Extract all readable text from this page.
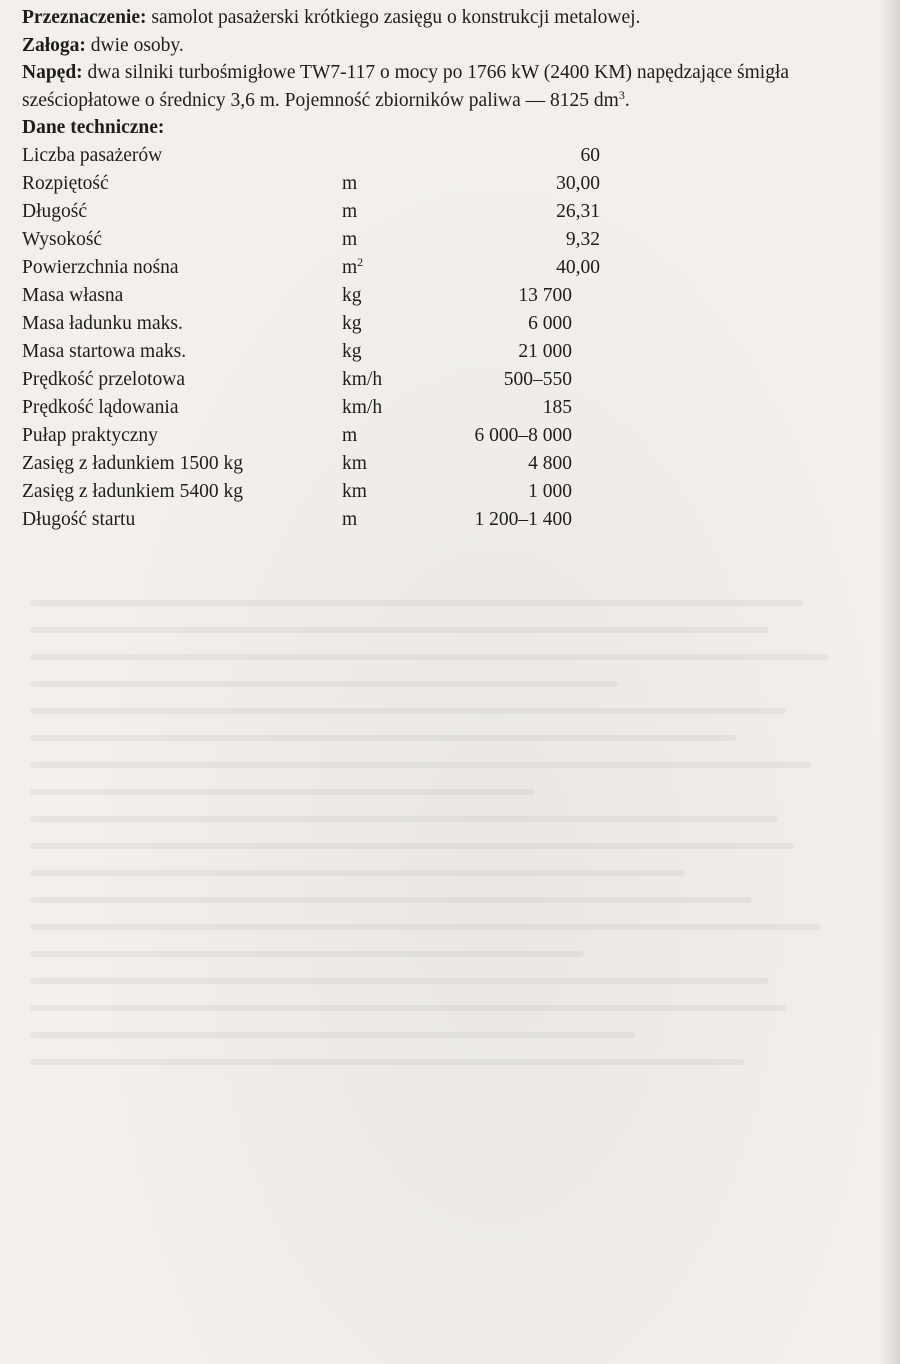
Przeznaczenie: samolot pasażerski krótkiego zasięgu o konstrukcji metalowej.

Załoga: dwie osoby.

Napęd: dwa silniki turbośmigłowe TW7-117 o mocy po 1766 kW (2400 KM) napędzające śmigła

sześciopłatowe o średnicy 3,6 m. Pojemność zbiorników paliwa — 8125 $dm^3$.

Dane techniczne:

Liczba pasażerów		60
Rozpiętość	m	30,00
Długość	m	26,31
Wysokość	m	9,32
Powierzchnia nośna	$m^2$	40,00
Masa własna	kg	13 700
Masa ładunku maks.	kg	6 000
Masa startowa maks.	kg	21 000
Prędkość przelotowa	km/h	500–550
Prędkość lądowania	km/h	185
Pułap praktyczny	m	6 000–8 000
Zasięg z ładunkiem 1500 kg	km	4 800
Zasięg z ładunkiem 5400 kg	km	1 000
Długość startu	m	1 200–1 400
